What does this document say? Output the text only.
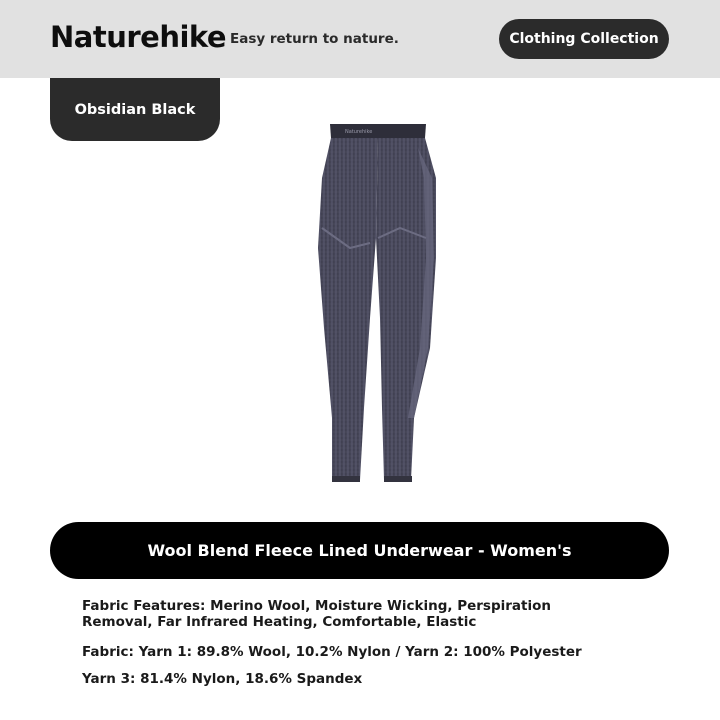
Naturehike Easy return to nature.	Clothing Collection
Obsidian Black
Naturehike
Wool Blend Fleece Lined Underwear - Women's
Fabric Features: Merino Wool, Moisture Wicking, Perspiration Removal, Far Infrared Heating, Comfortable, Elastic
Fabric: Yarn 1: 89.8% Wool, 10.2% Nylon / Yarn 2: 100% Polyester
Yarn 3: 81.4% Nylon, 18.6% Spandex
